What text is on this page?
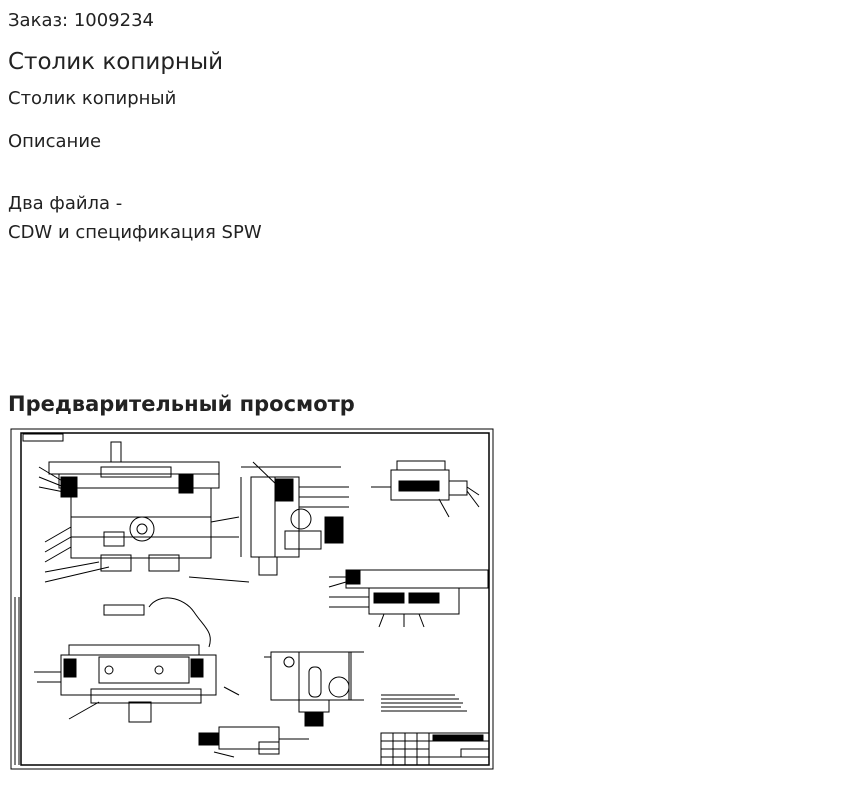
Заказ: 1009234
Столик копирный
Столик копирный
Описание
Два файла -
CDW и спецификация SPW
Предварительный просмотр
